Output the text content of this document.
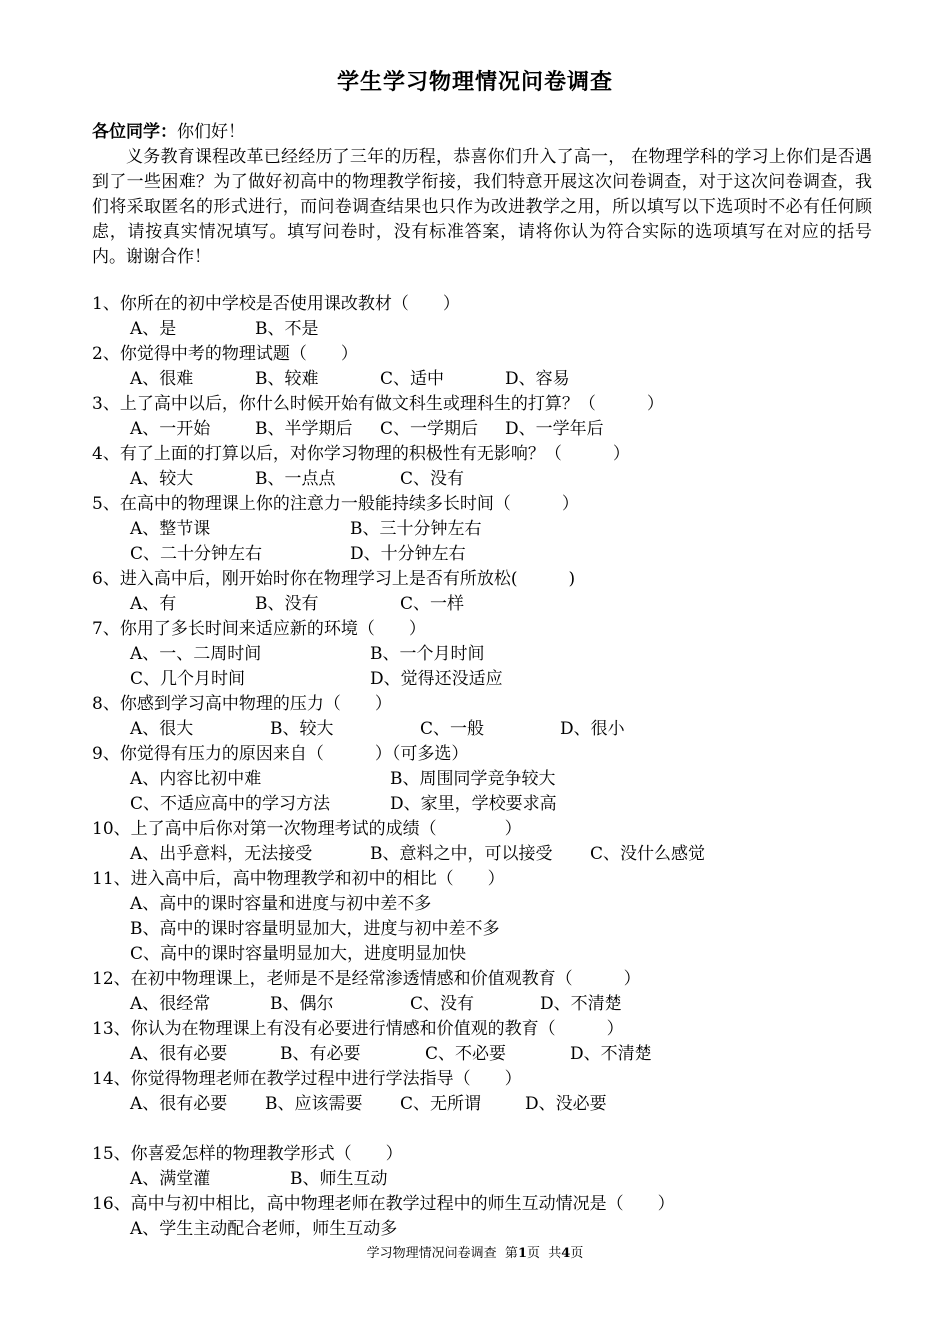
学生学习物理情况问卷调查
各位同学：你们好！
义务教育课程改革已经经历了三年的历程，恭喜你们升入了高一， 在物理学科的学习上你们是否遇到了一些困难？为了做好初高中的物理教学衔接，我们特意开展这次问卷调查，对于这次问卷调查，我们将采取匿名的形式进行，而问卷调查结果也只作为改进教学之用，所以填写以下选项时不必有任何顾虑，请按真实情况填写。填写问卷时，没有标准答案，请将你认为符合实际的选项填写在对应的括号内。谢谢合作！
1、你所在的初中学校是否使用课改教材（　　）
A、是	B、不是
2、你觉得中考的物理试题（　　）
A、很难	B、较难	C、适中	D、容易
3、上了高中以后，你什么时候开始有做文科生或理科生的打算？（　　　）
A、一开始	B、半学期后 C、一学期后 D、一学年后
4、有了上面的打算以后，对你学习物理的积极性有无影响？（　　　）
A、较大	B、一点点	C、没有
5、在高中的物理课上你的注意力一般能持续多长时间（　　　）
A、整节课	B、三十分钟左右
C、二十分钟左右	D、十分钟左右
6、进入高中后，刚开始时你在物理学习上是否有所放松(　　　)
A、有	B、没有	C、一样
7、你用了多长时间来适应新的环境（　　）
A、一、二周时间	B、一个月时间
C、几个月时间	D、觉得还没适应
8、你感到学习高中物理的压力（　　）
A、很大	B、较大	C、一般	D、很小
9、你觉得有压力的原因来自（　　　）（可多选）
A、内容比初中难	B、周围同学竞争较大
C、不适应高中的学习方法	D、家里，学校要求高
10、上了高中后你对第一次物理考试的成绩（　　　　）
A、出乎意料，无法接受	B、意料之中，可以接受 C、没什么感觉
11、进入高中后，高中物理教学和初中的相比（　　）
A、高中的课时容量和进度与初中差不多
B、高中的课时容量明显加大，进度与初中差不多
C、高中的课时容量明显加大，进度明显加快
12、在初中物理课上，老师是不是经常渗透情感和价值观教育（　　　）
A、很经常	B、偶尔	C、没有	D、不清楚
13、你认为在物理课上有没有必要进行情感和价值观的教育（　　　）
A、很有必要	B、有必要	C、不必要	D、不清楚
14、你觉得物理老师在教学过程中进行学法指导（　　）
A、很有必要 B、应该需要 C、无所谓	D、没必要
15、你喜爱怎样的物理教学形式（　　）
A、满堂灌	B、师生互动
16、高中与初中相比，高中物理老师在教学过程中的师生互动情况是（　　）
A、学生主动配合老师，师生互动多
学习物理情况问卷调查 第1页 共4页
